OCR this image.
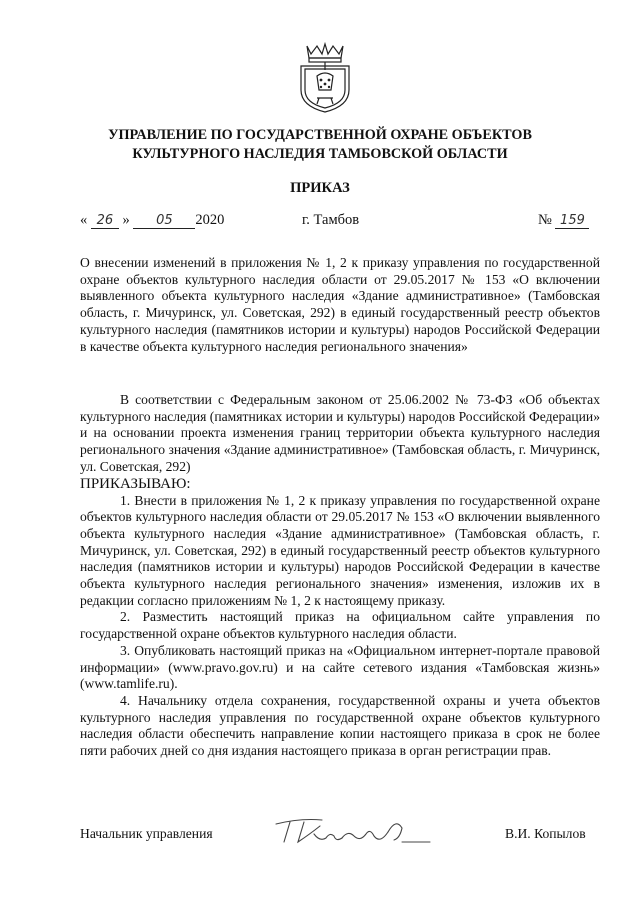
УПРАВЛЕНИЕ ПО ГОСУДАРСТВЕННОЙ ОХРАНЕ ОБЪЕКТОВ
КУЛЬТУРНОГО НАСЛЕДИЯ ТАМБОВСКОЙ ОБЛАСТИ
ПРИКАЗ
« 26 » 05 2020	г. Тамбов	№ 159
О внесении изменений в приложения № 1, 2 к приказу управления по государственной охране объектов культурного наследия области от 29.05.2017 № 153 «О включении выявленного объекта культурного наследия «Здание административное» (Тамбовская область, г. Мичуринск, ул. Советская, 292) в единый государственный реестр объектов культурного наследия (памятников истории и культуры) народов Российской Федерации в качестве объекта культурного наследия регионального значения»

В соответствии с Федеральным законом от 25.06.2002 № 73-ФЗ «Об объектах культурного наследия (памятниках истории и культуры) народов Российской Федерации» и на основании проекта изменения границ территории объекта культурного наследия регионального значения «Здание административное» (Тамбовская область, г. Мичуринск, ул. Советская, 292)

ПРИКАЗЫВАЮ:

1. Внести в приложения № 1, 2 к приказу управления по государственной охране объектов культурного наследия области от 29.05.2017 № 153 «О включении выявленного объекта культурного наследия «Здание административное» (Тамбовская область, г. Мичуринск, ул. Советская, 292) в единый государственный реестр объектов культурного наследия (памятников истории и культуры) народов Российской Федерации в качестве объекта культурного наследия регионального значения» изменения, изложив их в редакции согласно приложениям № 1, 2 к настоящему приказу.

2. Разместить настоящий приказ на официальном сайте управления по государственной охране объектов культурного наследия области.

3. Опубликовать настоящий приказ на «Официальном интернет-портале правовой информации» (www.pravo.gov.ru) и на сайте сетевого издания «Тамбовская жизнь» (www.tamlife.ru).

4. Начальнику отдела сохранения, государственной охраны и учета объектов культурного наследия управления по государственной охране объектов культурного наследия области обеспечить направление копии настоящего приказа в срок не более пяти рабочих дней со дня издания настоящего приказа в орган регистрации прав.

Начальник управления	В.И. Копылов
